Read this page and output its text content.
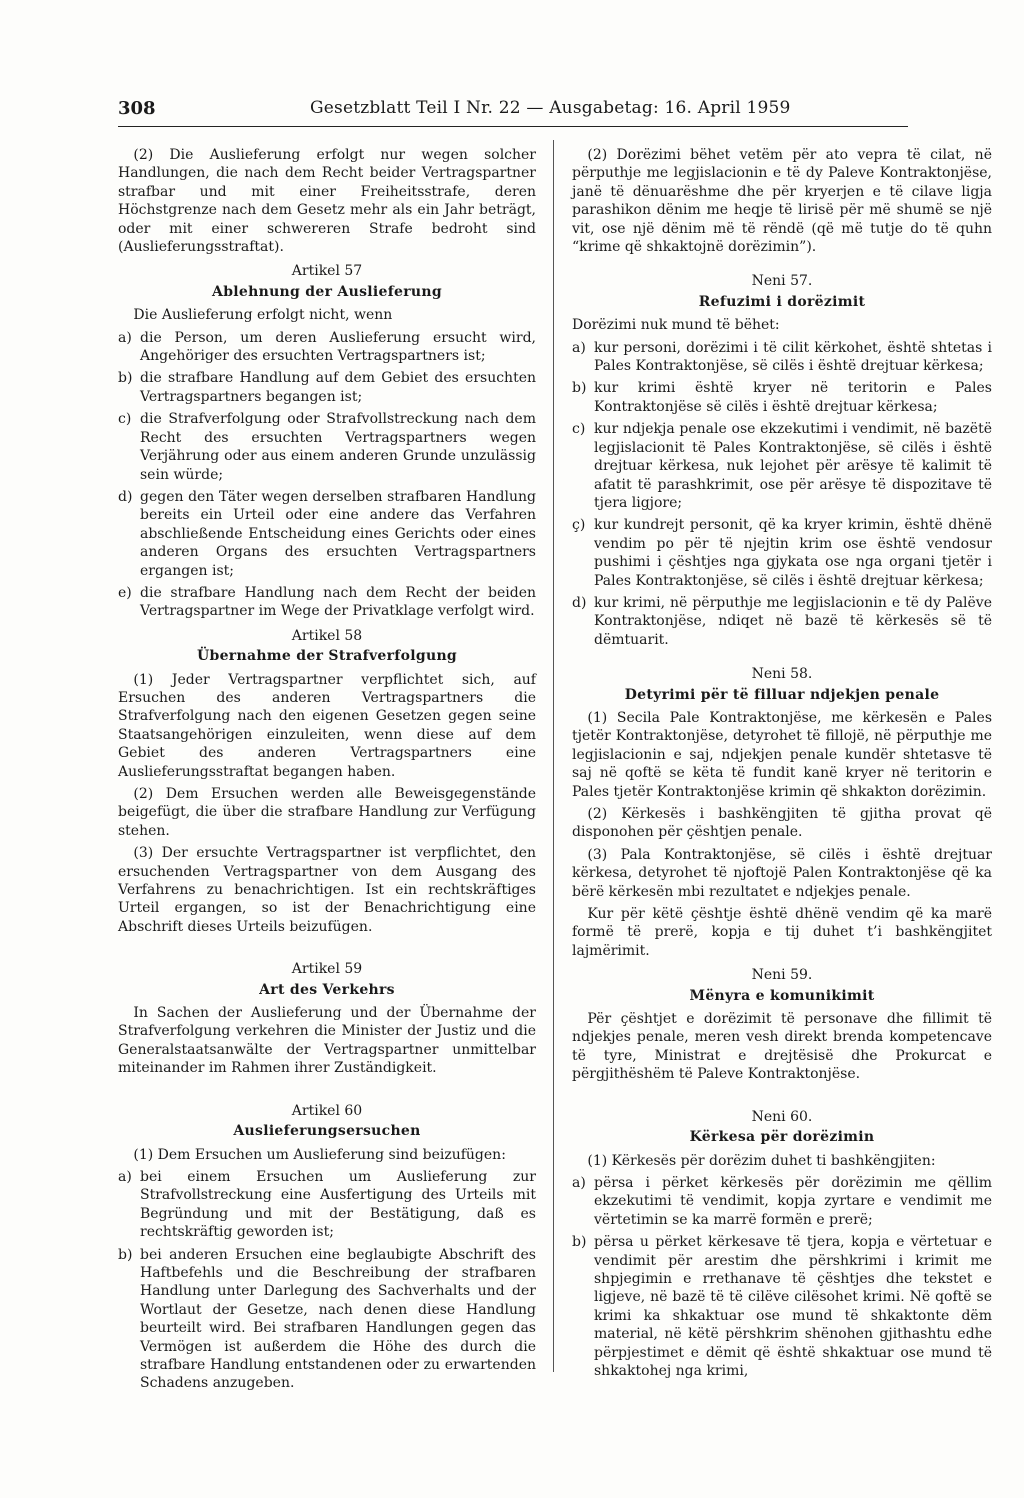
308	Gesetzblatt Teil I Nr. 22 — Ausgabetag: 16. April 1959

(2) Die Auslieferung erfolgt nur wegen solcher Handlungen, die nach dem Recht beider Vertragspartner strafbar und mit einer Freiheitsstrafe, deren Höchstgrenze nach dem Gesetz mehr als ein Jahr beträgt, oder mit einer schwereren Strafe bedroht sind (Auslieferungsstraftat).

Artikel 57
Ablehnung der Auslieferung

Die Auslieferung erfolgt nicht, wenn

a) die Person, um deren Auslieferung ersucht wird, Angehöriger des ersuchten Vertragspartners ist;
b) die strafbare Handlung auf dem Gebiet des ersuchten Vertragspartners begangen ist;
c) die Strafverfolgung oder Strafvollstreckung nach dem Recht des ersuchten Vertragspartners wegen Verjährung oder aus einem anderen Grunde unzulässig sein würde;
d) gegen den Täter wegen derselben strafbaren Handlung bereits ein Urteil oder eine andere das Verfahren abschließende Entscheidung eines Gerichts oder eines anderen Organs des ersuchten Vertragspartners ergangen ist;
e) die strafbare Handlung nach dem Recht der beiden Vertragspartner im Wege der Privatklage verfolgt wird.
Artikel 58
Übernahme der Strafverfolgung

(1) Jeder Vertragspartner verpflichtet sich, auf Ersuchen des anderen Vertragspartners die Strafverfolgung nach den eigenen Gesetzen gegen seine Staatsangehörigen einzuleiten, wenn diese auf dem Gebiet des anderen Vertragspartners eine Auslieferungsstraftat begangen haben.

(2) Dem Ersuchen werden alle Beweisgegenstände beigefügt, die über die strafbare Handlung zur Verfügung stehen.

(3) Der ersuchte Vertragspartner ist verpflichtet, den ersuchenden Vertragspartner von dem Ausgang des Verfahrens zu benachrichtigen. Ist ein rechtskräftiges Urteil ergangen, so ist der Benachrichtigung eine Abschrift dieses Urteils beizufügen.

Artikel 59
Art des Verkehrs

In Sachen der Auslieferung und der Übernahme der Strafverfolgung verkehren die Minister der Justiz und die Generalstaatsanwälte der Vertragspartner unmittelbar miteinander im Rahmen ihrer Zuständigkeit.

Artikel 60
Auslieferungsersuchen

(1) Dem Ersuchen um Auslieferung sind beizufügen:

a) bei einem Ersuchen um Auslieferung zur Strafvollstreckung eine Ausfertigung des Urteils mit Begründung und mit der Bestätigung, daß es rechtskräftig geworden ist;
b) bei anderen Ersuchen eine beglaubigte Abschrift des Haftbefehls und die Beschreibung der strafbaren Handlung unter Darlegung des Sachverhalts und der Wortlaut der Gesetze, nach denen diese Handlung beurteilt wird. Bei strafbaren Handlungen gegen das Vermögen ist außerdem die Höhe des durch die strafbare Handlung entstandenen oder zu erwartenden Schadens anzugeben.

(2) Dorëzimi bëhet vetëm për ato vepra të cilat, në përputhje me legjislacionin e të dy Paleve Kontraktonjëse, janë të dënuarëshme dhe për kryerjen e të cilave ligja parashikon dënim me heqje të lirisë për më shumë se një vit, ose një dënim më të rëndë (që më tutje do të quhn “krime që shkaktojnë dorëzimin”).

Neni 57.
Refuzimi i dorëzimit

Dorëzimi nuk mund të bëhet:

a) kur personi, dorëzimi i të cilit kërkohet, është shtetas i Pales Kontraktonjëse, së cilës i është drejtuar kërkesa;
b) kur krimi është kryer në teritorin e Pales Kontraktonjëse së cilës i është drejtuar kërkesa;
c) kur ndjekja penale ose ekzekutimi i vendimit, në bazëtë legjislacionit të Pales Kontraktonjëse, së cilës i është drejtuar kërkesa, nuk lejohet për arësye të kalimit të afatit të parashkrimit, ose për arësye të dispozitave të tjera ligjore;
ç) kur kundrejt personit, që ka kryer krimin, është dhënë vendim po për të njejtin krim ose është vendosur pushimi i çështjes nga gjykata ose nga organi tjetër i Pales Kontraktonjëse, së cilës i është drejtuar kërkesa;
d) kur krimi, në përputhje me legjislacionin e të dy Palëve Kontraktonjëse, ndiqet në bazë të kërkesës së të dëmtuarit.
Neni 58.
Detyrimi për të filluar ndjekjen penale

(1) Secila Pale Kontraktonjëse, me kërkesën e Pales tjetër Kontraktonjëse, detyrohet të fillojë, në përputhje me legjislacionin e saj, ndjekjen penale kundër shtetasve të saj në qoftë se këta të fundit kanë kryer në teritorin e Pales tjetër Kontraktonjëse krimin që shkakton dorëzimin.

(2) Kërkesës i bashkëngjiten të gjitha provat që disponohen për çështjen penale.

(3) Pala Kontraktonjëse, së cilës i është drejtuar kërkesa, detyrohet të njoftojë Palen Kontraktonjëse që ka bërë kërkesën mbi rezultatet e ndjekjes penale.

Kur për këtë çështje është dhënë vendim që ka marë formë të prerë, kopja e tij duhet t’i bashkëngjitet lajmërimit.

Neni 59.
Mënyra e komunikimit

Për çështjet e dorëzimit të personave dhe fillimit të ndjekjes penale, meren vesh direkt brenda kompetencave të tyre, Ministrat e drejtësisë dhe Prokurcat e përgjithëshëm të Paleve Kontraktonjëse.

Neni 60.
Kërkesa për dorëzimin

(1) Kërkesës për dorëzim duhet ti bashkëngjiten:

a) përsa i përket kërkesës për dorëzimin me qëllim ekzekutimi të vendimit, kopja zyrtare e vendimit me vërtetimin se ka marrë formën e prerë;
b) përsa u përket kërkesave të tjera, kopja e vërtetuar e vendimit për arestim dhe përshkrimi i krimit me shpjegimin e rrethanave të çështjes dhe tekstet e ligjeve, në bazë të të cilëve cilësohet krimi. Në qoftë se krimi ka shkaktuar ose mund të shkaktonte dëm material, në këtë përshkrim shënohen gjithashtu edhe përpjestimet e dëmit që është shkaktuar ose mund të shkaktohej nga krimi,
